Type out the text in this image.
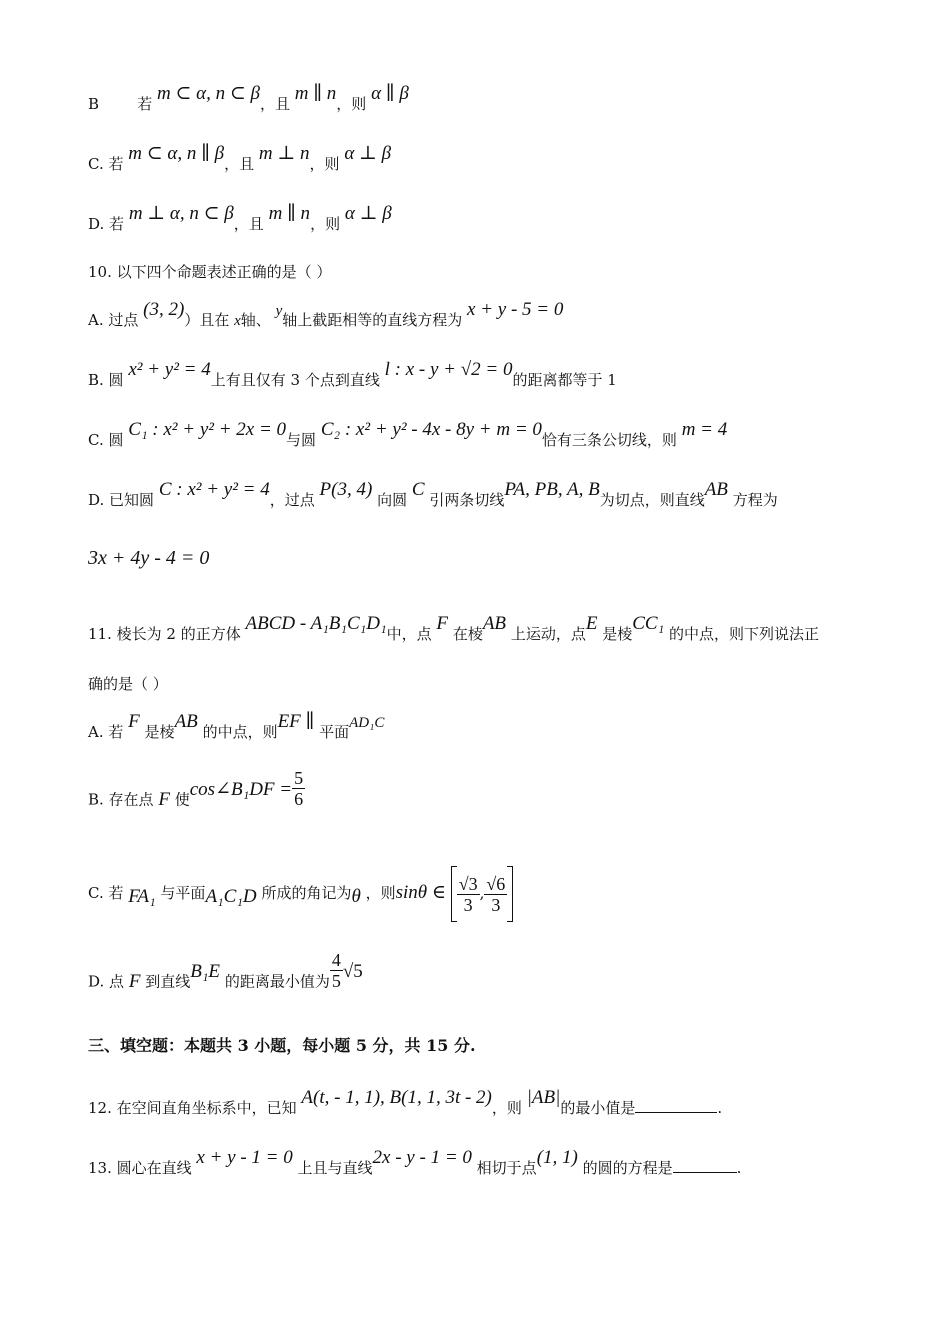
B	若 m ⊂ α, n ⊂ β，且 m ∥ n，则 α ∥ β
C. 若 m ⊂ α, n ∥ β，且 m ⊥ n，则 α ⊥ β
D. 若 m ⊥ α, n ⊂ β，且 m ∥ n，则 α ⊥ β
10. 以下四个命题表述正确的是（ ）
A. 过点 (3, 2)）且在 x轴、 y轴上截距相等的直线方程为 x + y - 5 = 0
B. 圆 x² + y² = 4上有且仅有 3 个点到直线 l : x - y + √2 = 0的距离都等于 1
C. 圆 C₁ : x² + y² + 2x = 0与圆 C₂ : x² + y² - 4x - 8y + m = 0恰有三条公切线，则 m = 4
D. 已知圆 C : x² + y² = 4，过点 P(3, 4) 向圆 C 引两条切线PA, PB, A, B为切点，则直线AB 方程为
3x + 4y - 4 = 0
11. 棱长为 2 的正方体 ABCD - A₁B₁C₁D₁中，点 F 在棱AB 上运动，点E 是棱CC₁ 的中点，则下列说法正
确的是（ ）
A. 若 F 是棱AB 的中点，则EF ∥ 平面AD₁C
B. 存在点 F 使cos∠B₁DF = $\frac{5}{6}$
C. 若 FA₁ 与平面A₁C₁D 所成的角记为θ ，则sinθ ∈ $\frac{√3}{3}$ , $\frac{√6}{3}$
D. 点 F 到直线B₁E 的距离最小值为 $\frac{4}{5} √5$
三、填空题：本题共 3 小题，每小题 5 分，共 15 分.
12. 在空间直角坐标系中，已知 A(t, - 1, 1), B(1, 1, 3t - 2)，则 |AB|的最小值是	.
13. 圆心在直线 x + y - 1 = 0 上且与直线2x - y - 1 = 0 相切于点(1, 1) 的圆的方程是	.
